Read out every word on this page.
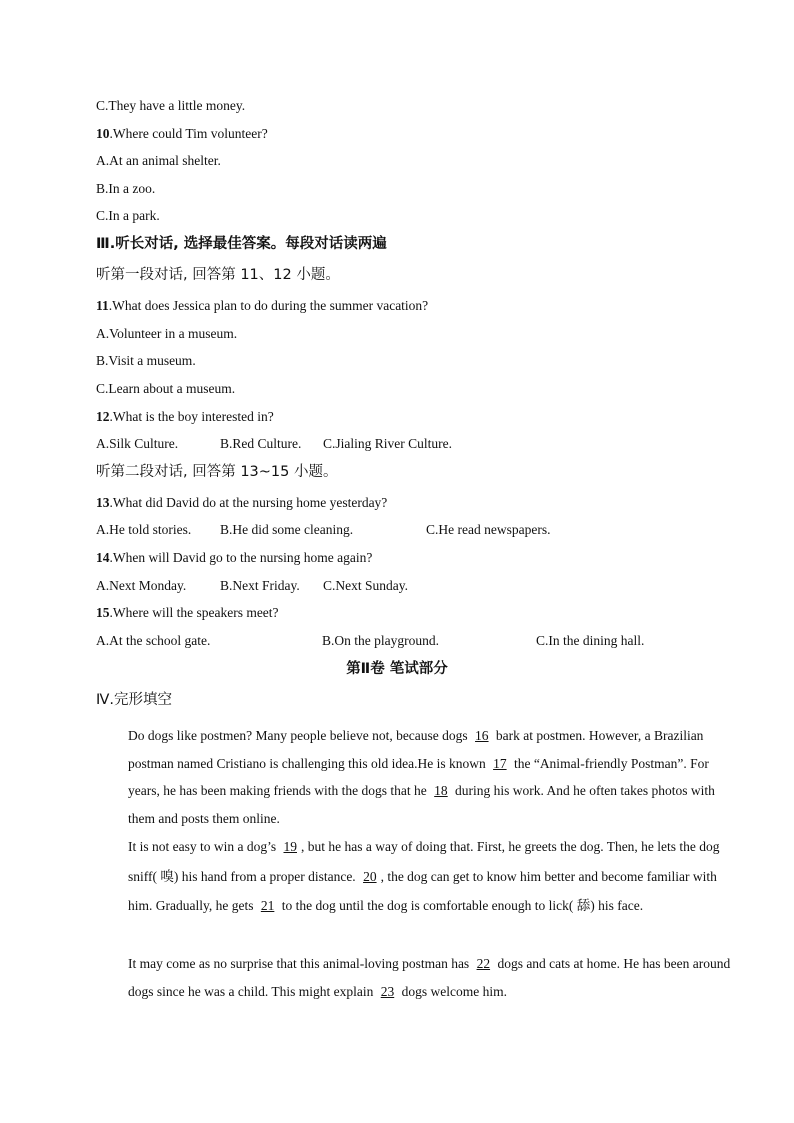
C.They have a little money.
10.Where could Tim volunteer?
A.At an animal shelter.
B.In a zoo.
C.In a park.
Ⅲ.听长对话, 选择最佳答案。每段对话读两遍
听第一段对话, 回答第 11、12 小题。
11.What does Jessica plan to do during the summer vacation?
A.Volunteer in a museum.
B.Visit a museum.
C.Learn about a museum.
12.What is the boy interested in?
A.Silk Culture.	B.Red Culture. C.Jialing River Culture.
听第二段对话, 回答第 13~15 小题。
13.What did David do at the nursing home yesterday?
A.He told stories. B.He did some cleaning.	C.He read newspapers.
14.When will David go to the nursing home again?
A.Next Monday.	B.Next Friday. C.Next Sunday.
15.Where will the speakers meet?
A.At the school gate.	B.On the playground.	C.In the dining hall.
第Ⅱ卷 笔试部分
Ⅳ.完形填空
Do dogs like postmen? Many people believe not, because dogs 16 bark at postmen. However, a Brazilian postman named Cristiano is challenging this old idea.He is known 17 the “Animal-friendly Postman”. For years, he has been making friends with the dogs that he 18 during his work. And he often takes photos with them and posts them online.
It is not easy to win a dog’s 19 , but he has a way of doing that. First, he greets the dog. Then, he lets the dog sniff( 嗅) his hand from a proper distance. 20 , the dog can get to know him better and become familiar with him. Gradually, he gets 21 to the dog until the dog is comfortable enough to lick( 舔) his face.
It may come as no surprise that this animal-loving postman has 22 dogs and cats at home. He has been around dogs since he was a child. This might explain 23 dogs welcome him.
